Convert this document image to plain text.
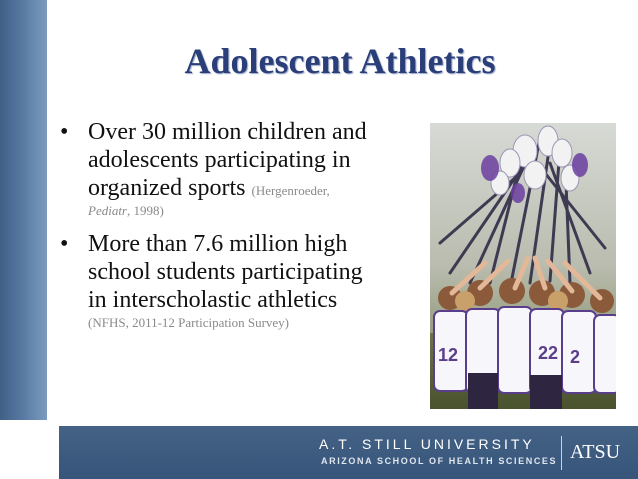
Adolescent Athletics
• Over 30 million children and
adolescents participating in
organized sports (Hergenroeder,
Pediatr, 1998)
• More than 7.6 million high
school students participating
in interscholastic athletics
(NFHS, 2011-12 Participation Survey)
12	22 2
A.T. STILL UNIVERSITY
ARIZONA SCHOOL OF HEALTH SCIENCES ATSU
